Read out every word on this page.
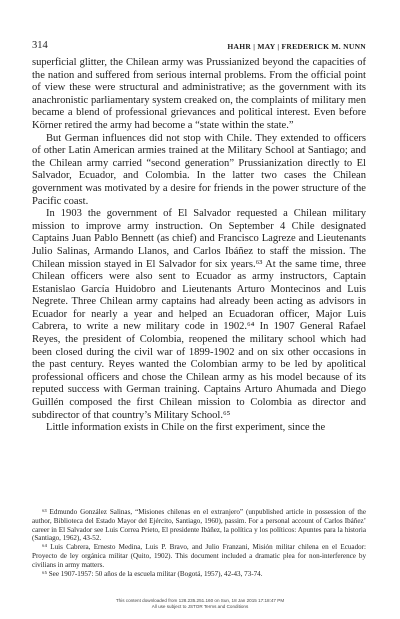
314	HAHR | MAY | FREDERICK M. NUNN

superficial glitter, the Chilean army was Prussianized beyond the capacities of the nation and suffered from serious internal problems. From the official point of view these were structural and administrative; as the government with its anachronistic parliamentary system creaked on, the complaints of military men became a blend of professional grievances and political interest. Even before Körner retired the army had become a “state within the state.”

But German influences did not stop with Chile. They extended to officers of other Latin American armies trained at the Military School at Santiago; and the Chilean army carried “second generation” Prussianization directly to El Salvador, Ecuador, and Colombia. In the latter two cases the Chilean government was motivated by a desire for friends in the power structure of the Pacific coast.

In 1903 the government of El Salvador requested a Chilean military mission to improve army instruction. On September 4 Chile designated Captains Juan Pablo Bennett (as chief) and Francisco Lagreze and Lieutenants Julio Salinas, Armando Llanos, and Carlos Ibáñez to staff the mission. The Chilean mission stayed in El Salvador for six years.⁶³ At the same time, three Chilean officers were also sent to Ecuador as army instructors, Captain Estanislao García Huidobro and Lieutenants Arturo Montecinos and Luis Negrete. Three Chilean army captains had already been acting as advisors in Ecuador for nearly a year and helped an Ecuadoran officer, Major Luis Cabrera, to write a new military code in 1902.⁶⁴ In 1907 General Rafael Reyes, the president of Colombia, reopened the military school which had been closed during the civil war of 1899-1902 and on six other occasions in the past century. Reyes wanted the Colombian army to be led by apolitical professional officers and chose the Chilean army as his model because of its reputed success with German training. Captains Arturo Ahumada and Diego Guillén composed the first Chilean mission to Colombia as director and subdirector of that country’s Military School.⁶⁵

Little information exists in Chile on the first experiment, since the

⁶³ Edmundo González Salinas, “Misiones chilenas en el extranjero” (unpublished article in possession of the author, Biblioteca del Estado Mayor del Ejército, Santiago, 1960), passim. For a personal account of Carlos Ibáñez’ career in El Salvador see Luis Correa Prieto, El presidente Ibáñez, la política y los políticos: Apuntes para la historia (Santiago, 1962), 43-52.

⁶⁴ Luis Cabrera, Ernesto Medina, Luis P. Bravo, and Julio Franzani, Misión militar chilena en el Ecuador: Proyecto de ley orgánica militar (Quito, 1902). This document included a dramatic plea for non-interference by civilians in army matters.

⁶⁵ See 1907-1957: 50 años de la escuela militar (Bogotá, 1957), 42-43, 73-74.

This content downloaded from 128.235.251.160 on Sun, 18 Jan 2015 17:18:47 PM
All use subject to JSTOR Terms and Conditions
